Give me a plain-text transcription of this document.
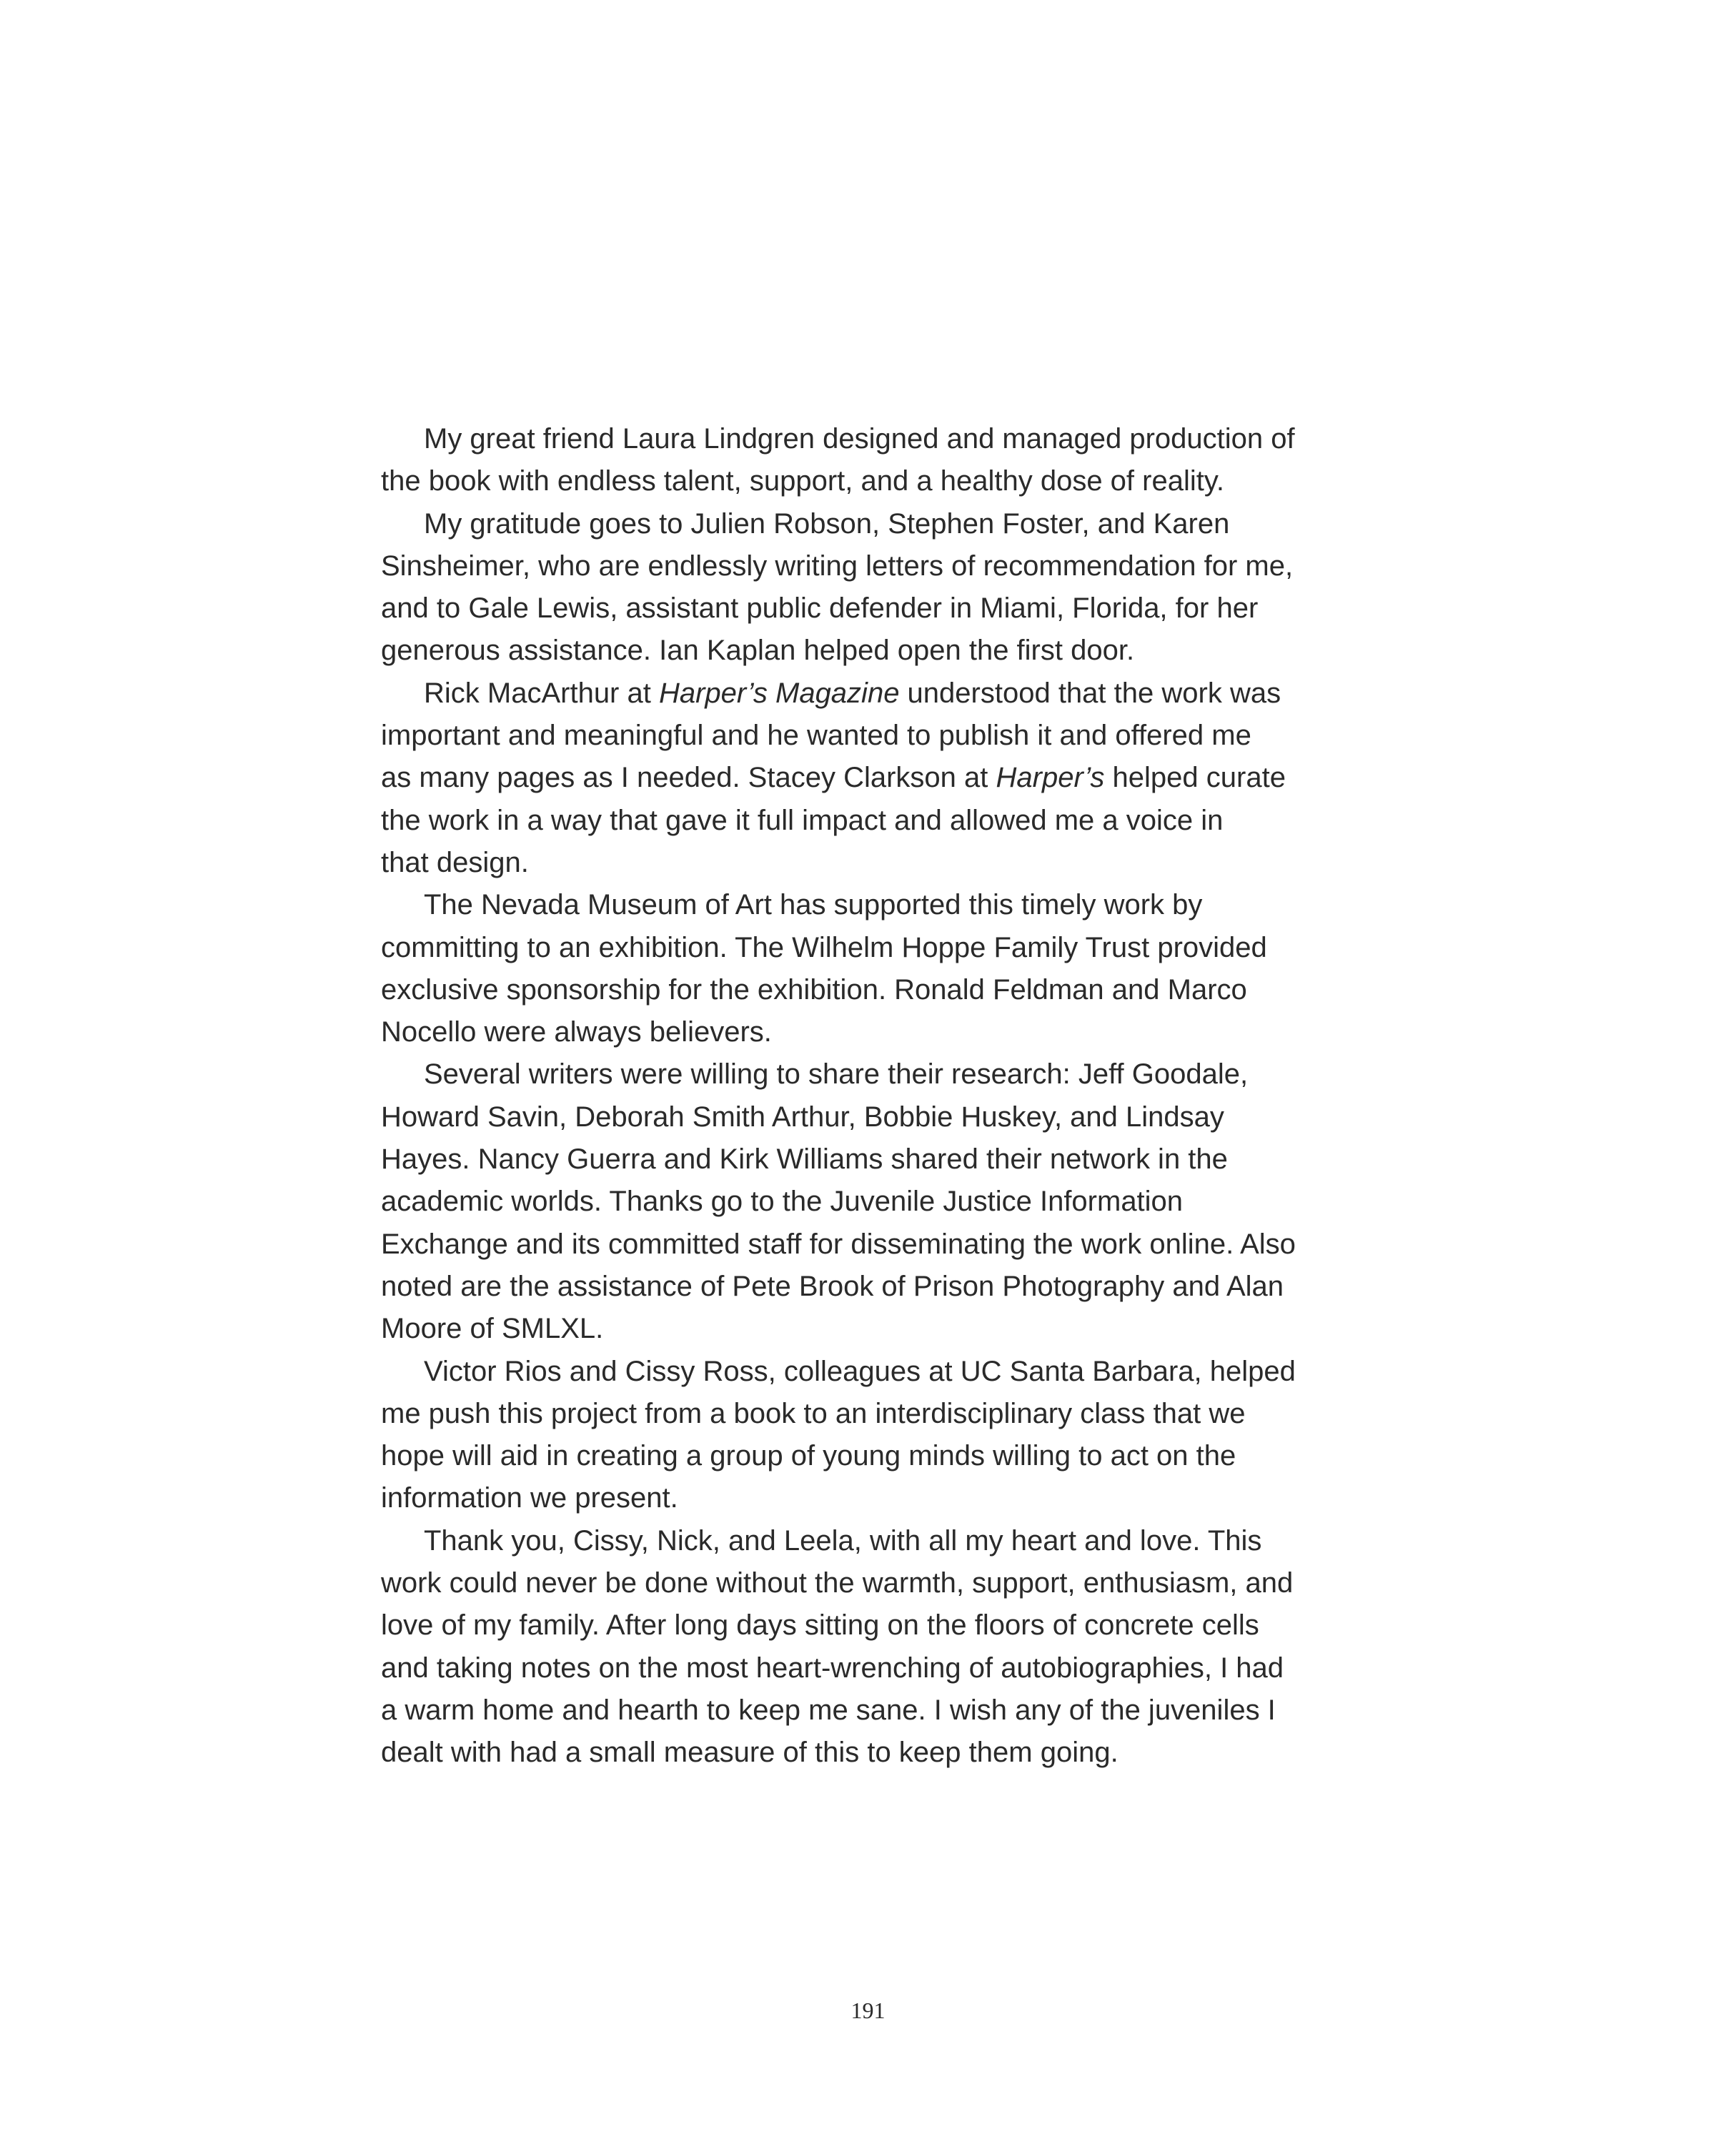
My great friend Laura Lindgren designed and managed production of
the book with endless talent, support, and a healthy dose of reality.

My gratitude goes to Julien Robson, Stephen Foster, and Karen
Sinsheimer, who are endlessly writing letters of recommendation for me,
and to Gale Lewis, assistant public defender in Miami, Florida, for her
generous assistance. Ian Kaplan helped open the first door.

Rick MacArthur at Harper’s Magazine understood that the work was
important and meaningful and he wanted to publish it and offered me
as many pages as I needed. Stacey Clarkson at Harper’s helped curate
the work in a way that gave it full impact and allowed me a voice in
that design.

The Nevada Museum of Art has supported this timely work by
committing to an exhibition. The Wilhelm Hoppe Family Trust provided
exclusive sponsorship for the exhibition. Ronald Feldman and Marco
Nocello were always believers.

Several writers were willing to share their research: Jeff Goodale,
Howard Savin, Deborah Smith Arthur, Bobbie Huskey, and Lindsay
Hayes. Nancy Guerra and Kirk Williams shared their network in the
academic worlds. Thanks go to the Juvenile Justice Information
Exchange and its committed staff for disseminating the work online. Also
noted are the assistance of Pete Brook of Prison Photography and Alan
Moore of SMLXL.

Victor Rios and Cissy Ross, colleagues at UC Santa Barbara, helped
me push this project from a book to an interdisciplinary class that we
hope will aid in creating a group of young minds willing to act on the
information we present.

Thank you, Cissy, Nick, and Leela, with all my heart and love. This
work could never be done without the warmth, support, enthusiasm, and
love of my family. After long days sitting on the floors of concrete cells
and taking notes on the most heart-wrenching of autobiographies, I had
a warm home and hearth to keep me sane. I wish any of the juveniles I
dealt with had a small measure of this to keep them going.

191
